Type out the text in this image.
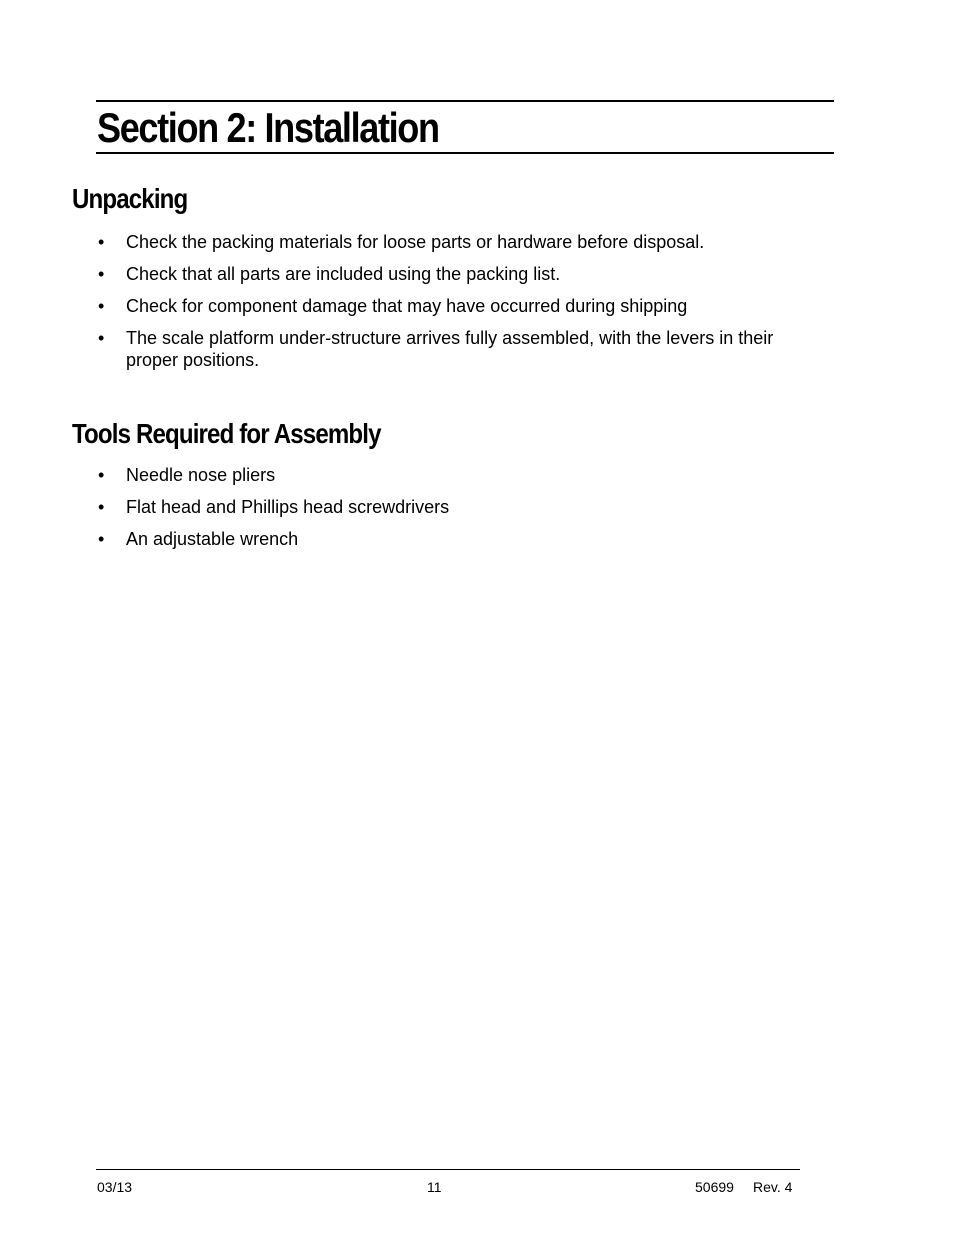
Section 2: Installation
Unpacking
• Check the packing materials for loose parts or hardware before disposal.
• Check that all parts are included using the packing list.
• Check for component damage that may have occurred during shipping
• The scale platform under-structure arrives fully assembled, with the levers in their proper positions.
Tools Required for Assembly
• Needle nose pliers
• Flat head and Phillips head screwdrivers
• An adjustable wrench
03/13	11	50699 Rev. 4
